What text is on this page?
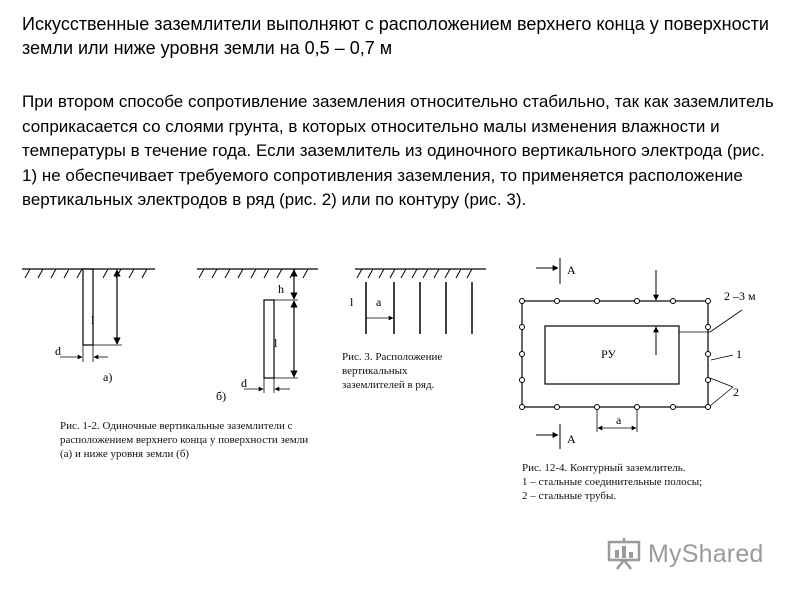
Искусственные заземлители выполняют с расположением верхнего конца у поверхности земли или ниже уровня земли на 0,5 – 0,7 м

При втором способе сопротивление заземления относительно стабильно, так как заземлитель соприкасается со слоями грунта, в которых относительно малы изменения влажности и температуры в течение года. Если заземлитель из одиночного вертикального электрода (рис. 1) не обеспечивает требуемого сопротивления заземления, то применяется расположение вертикальных электродов в ряд (рис. 2) или по контуру (рис. 3).

l
d
а)
h
l
d
б)
l a
А
А
2 –3 м
РУ	1
2
а
Рис. 1-2. Одиночные вертикальные заземлители с расположением верхнего конца у поверхности земли (а) и ниже уровня земли (б)
Рис. 3. Расположение вертикальных заземлителей в ряд.
Рис. 12-4. Контурный заземлитель.
1 – стальные соединительные полосы;
2 – стальные трубы.
MyShared
